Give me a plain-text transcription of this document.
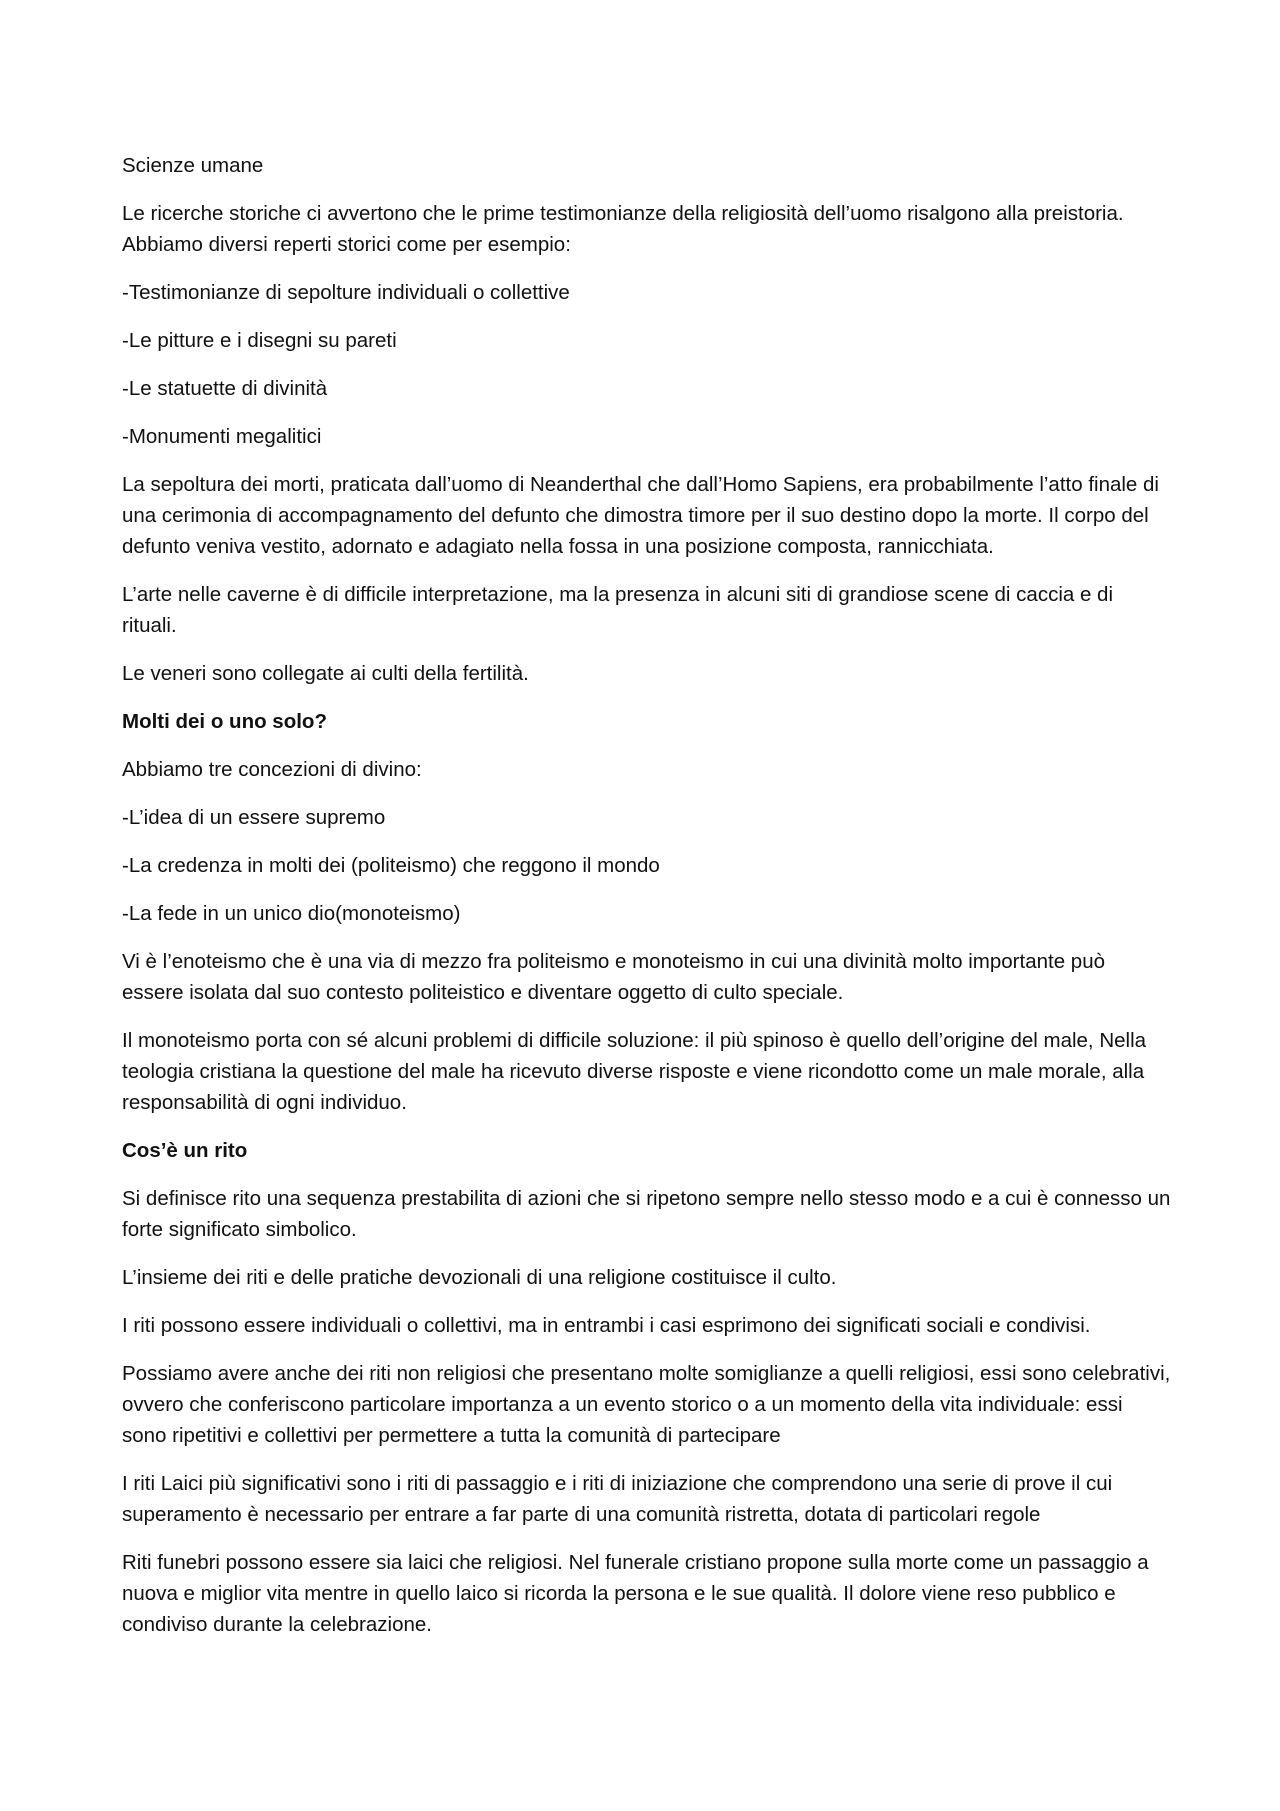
Scienze umane

Le ricerche storiche ci avvertono che le prime testimonianze della religiosità dell’uomo risalgono alla preistoria. Abbiamo diversi reperti storici come per esempio:

-Testimonianze di sepolture individuali o collettive

-Le pitture e i disegni su pareti

-Le statuette di divinità

-Monumenti megalitici

La sepoltura dei morti, praticata dall’uomo di Neanderthal che dall’Homo Sapiens, era probabilmente l’atto finale di una cerimonia di accompagnamento del defunto che dimostra timore per il suo destino dopo la morte. Il corpo del defunto veniva vestito, adornato e adagiato nella fossa in una posizione composta, rannicchiata.

L’arte nelle caverne è di difficile interpretazione, ma la presenza in alcuni siti di grandiose scene di caccia e di rituali.

Le veneri sono collegate ai culti della fertilità.

Molti dei o uno solo?

Abbiamo tre concezioni di divino:

-L’idea di un essere supremo

-La credenza in molti dei (politeismo) che reggono il mondo

-La fede in un unico dio(monoteismo)

Vi è l’enoteismo che è una via di mezzo fra politeismo e monoteismo in cui una divinità molto importante può essere isolata dal suo contesto politeistico e diventare oggetto di culto speciale.

Il monoteismo porta con sé alcuni problemi di difficile soluzione: il più spinoso è quello dell’origine del male, Nella teologia cristiana la questione del male ha ricevuto diverse risposte e viene ricondotto come un male morale, alla responsabilità di ogni individuo.

Cos’è un rito

Si definisce rito una sequenza prestabilita di azioni che si ripetono sempre nello stesso modo e a cui è connesso un forte significato simbolico.

L’insieme dei riti e delle pratiche devozionali di una religione costituisce il culto.

I riti possono essere individuali o collettivi, ma in entrambi i casi esprimono dei significati sociali e condivisi.

Possiamo avere anche dei riti non religiosi che presentano molte somiglianze a quelli religiosi, essi sono celebrativi, ovvero che conferiscono particolare importanza a un evento storico o a un momento della vita individuale: essi sono ripetitivi e collettivi per permettere a tutta la comunità di partecipare

I riti Laici più significativi sono i riti di passaggio e i riti di iniziazione che comprendono una serie di prove il cui superamento è necessario per entrare a far parte di una comunità ristretta, dotata di particolari regole

Riti funebri possono essere sia laici che religiosi. Nel funerale cristiano propone sulla morte come un passaggio a nuova e miglior vita mentre in quello laico si ricorda la persona e le sue qualità. Il dolore viene reso pubblico e condiviso durante la celebrazione.
